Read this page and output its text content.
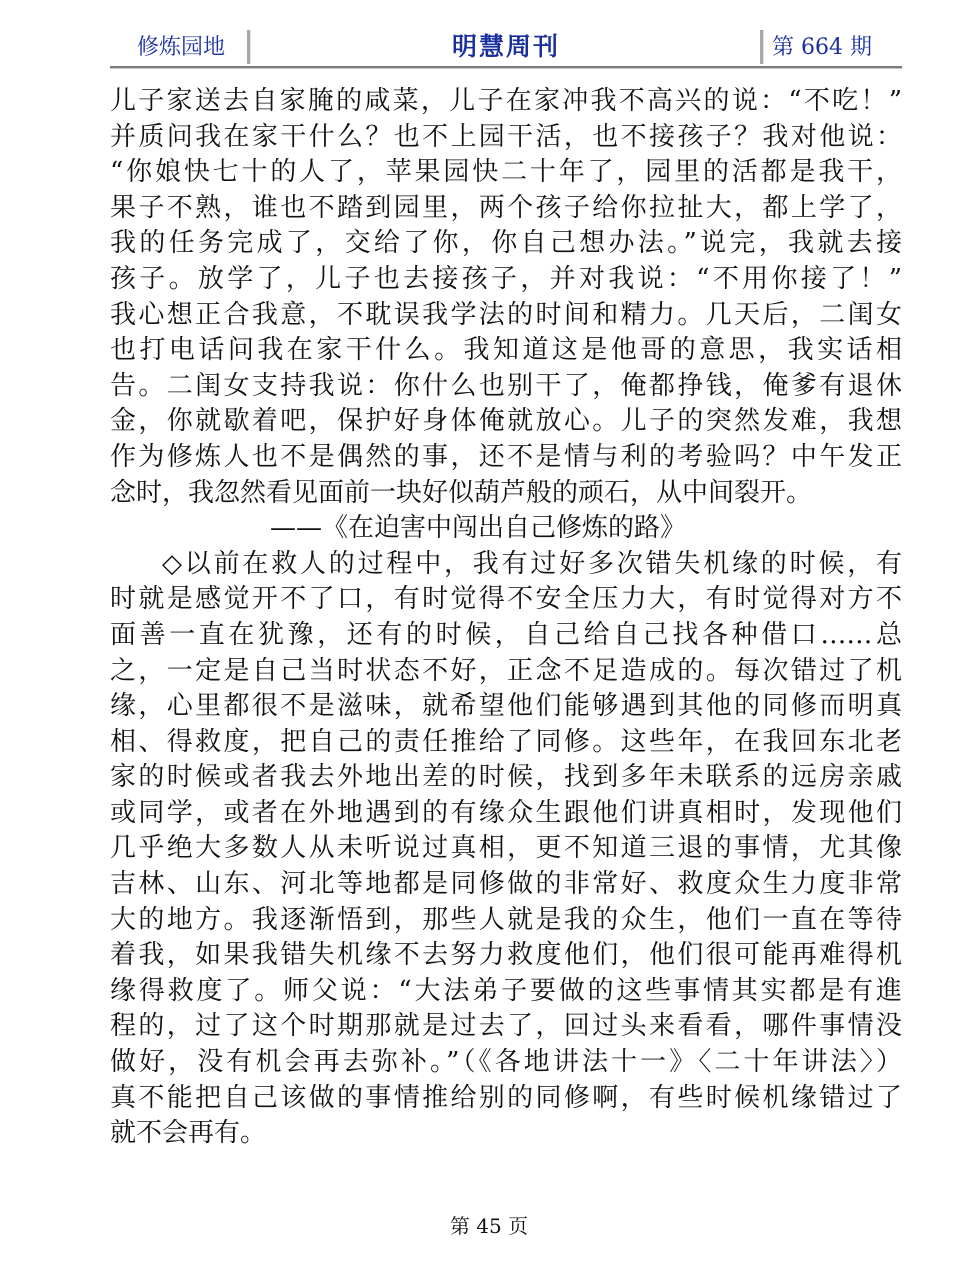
修炼园地	明慧周刊	第 664 期
儿子家送去自家腌的咸菜，儿子在家冲我不高兴的说：“不吃！”
并质问我在家干什么？也不上园干活，也不接孩子？我对他说：
“你娘快七十的人了，苹果园快二十年了，园里的活都是我干，
果子不熟，谁也不踏到园里，两个孩子给你拉扯大，都上学了，
我的任务完成了，交给了你，你自己想办法。”说完，我就去接
孩子。放学了，儿子也去接孩子，并对我说：“不用你接了！”
我心想正合我意，不耽误我学法的时间和精力。几天后，二闺女
也打电话问我在家干什么。我知道这是他哥的意思，我实话相
告。二闺女支持我说：你什么也别干了，俺都挣钱，俺爹有退休
金，你就歇着吧，保护好身体俺就放心。儿子的突然发难，我想
作为修炼人也不是偶然的事，还不是情与利的考验吗？中午发正
念时，我忽然看见面前一块好似葫芦般的顽石，从中间裂开。
——《在迫害中闯出自己修炼的路》
◇以前在救人的过程中，我有过好多次错失机缘的时候，有
时就是感觉开不了口，有时觉得不安全压力大，有时觉得对方不
面善一直在犹豫，还有的时候，自己给自己找各种借口……总
之，一定是自己当时状态不好，正念不足造成的。每次错过了机
缘，心里都很不是滋味，就希望他们能够遇到其他的同修而明真
相、得救度，把自己的责任推给了同修。这些年，在我回东北老
家的时候或者我去外地出差的时候，找到多年未联系的远房亲戚
或同学，或者在外地遇到的有缘众生跟他们讲真相时，发现他们
几乎绝大多数人从未听说过真相，更不知道三退的事情，尤其像
吉林、山东、河北等地都是同修做的非常好、救度众生力度非常
大的地方。我逐渐悟到，那些人就是我的众生，他们一直在等待
着我，如果我错失机缘不去努力救度他们，他们很可能再难得机
缘得救度了。师父说：“大法弟子要做的这些事情其实都是有進
程的，过了这个时期那就是过去了，回过头来看看，哪件事情没
做好，没有机会再去弥补。”（《各地讲法十一》〈二十年讲法〉）
真不能把自己该做的事情推给别的同修啊，有些时候机缘错过了
就不会再有。
第 45 页
